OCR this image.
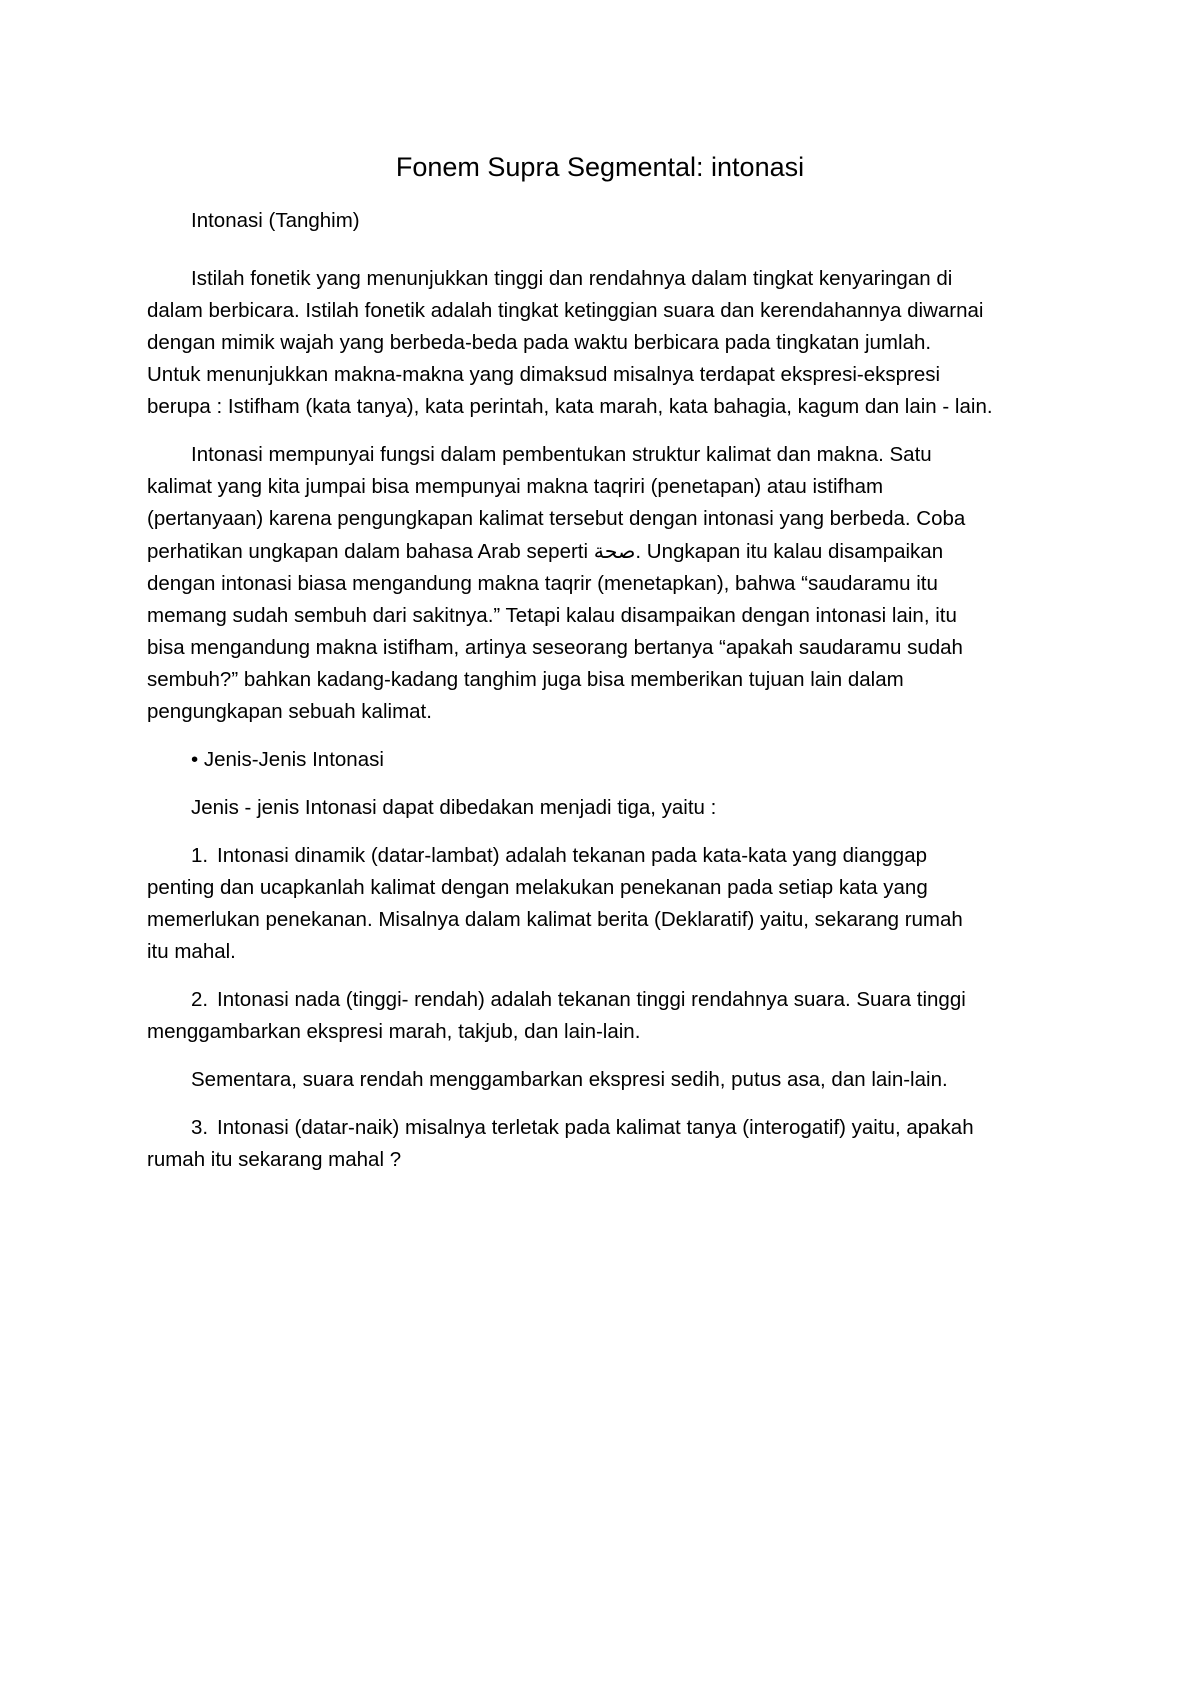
Fonem Supra Segmental: intonasi
Intonasi (Tanghim)
Istilah fonetik yang menunjukkan tinggi dan rendahnya dalam tingkat kenyaringan di
dalam berbicara. Istilah fonetik adalah tingkat ketinggian suara dan kerendahannya diwarnai
dengan mimik wajah yang berbeda-beda pada waktu berbicara pada tingkatan jumlah.
Untuk menunjukkan makna-makna yang dimaksud misalnya terdapat ekspresi-ekspresi
berupa : Istifham (kata tanya), kata perintah, kata marah, kata bahagia, kagum dan lain - lain.
Intonasi mempunyai fungsi dalam pembentukan struktur kalimat dan makna. Satu
kalimat yang kita jumpai bisa mempunyai makna taqriri (penetapan) atau istifham
(pertanyaan) karena pengungkapan kalimat tersebut dengan intonasi yang berbeda. Coba
perhatikan ungkapan dalam bahasa Arab seperti صحة. Ungkapan itu kalau disampaikan
dengan intonasi biasa mengandung makna taqrir (menetapkan), bahwa “saudaramu itu
memang sudah sembuh dari sakitnya.” Tetapi kalau disampaikan dengan intonasi lain, itu
bisa mengandung makna istifham, artinya seseorang bertanya “apakah saudaramu sudah
sembuh?” bahkan kadang-kadang tanghim juga bisa memberikan tujuan lain dalam
pengungkapan sebuah kalimat.
• Jenis-Jenis Intonasi
Jenis - jenis Intonasi dapat dibedakan menjadi tiga, yaitu :
1. Intonasi dinamik (datar-lambat) adalah tekanan pada kata-kata yang dianggap
penting dan ucapkanlah kalimat dengan melakukan penekanan pada setiap kata yang
memerlukan penekanan. Misalnya dalam kalimat berita (Deklaratif) yaitu, sekarang rumah
itu mahal.
2. Intonasi nada (tinggi- rendah) adalah tekanan tinggi rendahnya suara. Suara tinggi
menggambarkan ekspresi marah, takjub, dan lain-lain.
Sementara, suara rendah menggambarkan ekspresi sedih, putus asa, dan lain-lain.
3. Intonasi (datar-naik) misalnya terletak pada kalimat tanya (interogatif) yaitu, apakah
rumah itu sekarang mahal ?
